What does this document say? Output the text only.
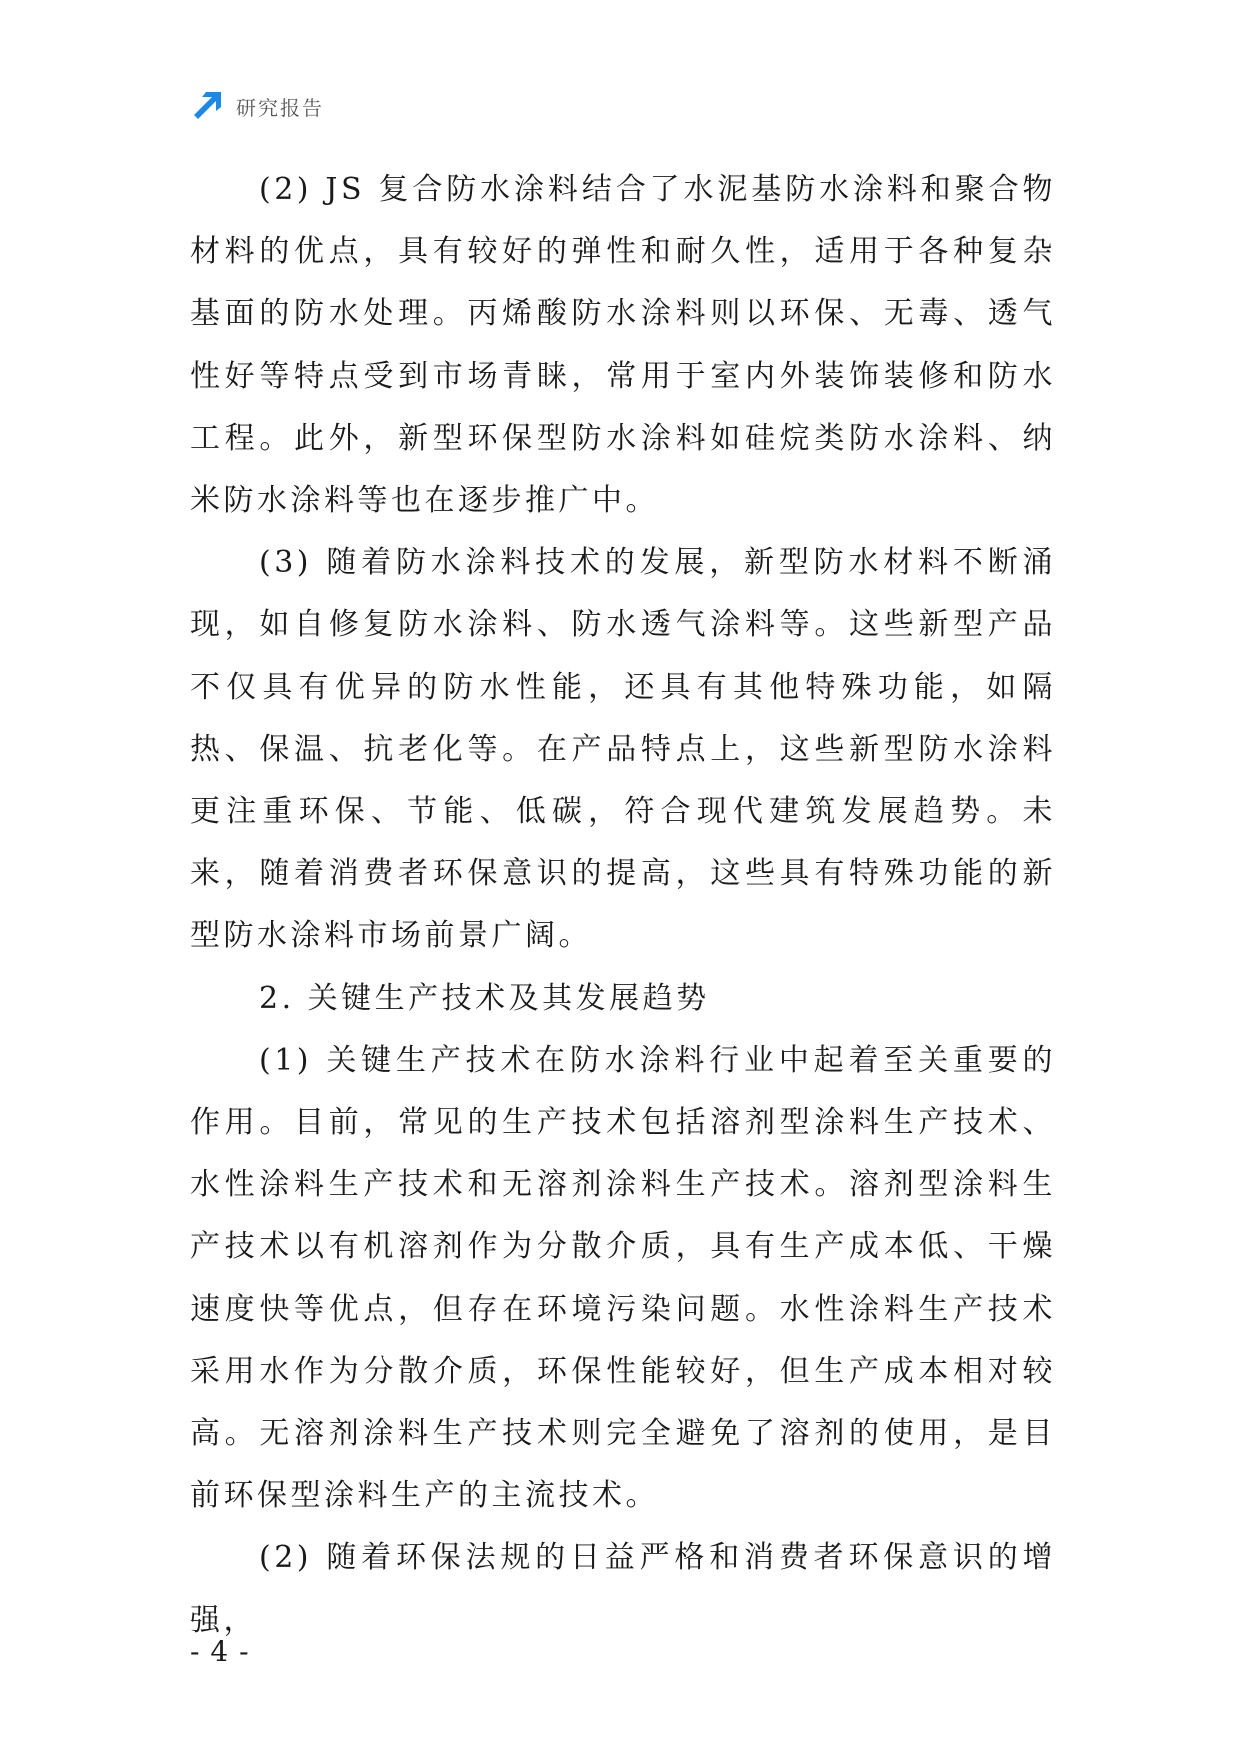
研究报告

(2) JS 复合防水涂料结合了水泥基防水涂料和聚合物材料的优点，具有较好的弹性和耐久性，适用于各种复杂基面的防水处理。丙烯酸防水涂料则以环保、无毒、透气性好等特点受到市场青睐，常用于室内外装饰装修和防水工程。此外，新型环保型防水涂料如硅烷类防水涂料、纳米防水涂料等也在逐步推广中。

(3) 随着防水涂料技术的发展，新型防水材料不断涌现，如自修复防水涂料、防水透气涂料等。这些新型产品不仅具有优异的防水性能，还具有其他特殊功能，如隔热、保温、抗老化等。在产品特点上，这些新型防水涂料更注重环保、节能、低碳，符合现代建筑发展趋势。未来，随着消费者环保意识的提高，这些具有特殊功能的新型防水涂料市场前景广阔。

2. 关键生产技术及其发展趋势

(1) 关键生产技术在防水涂料行业中起着至关重要的作用。目前，常见的生产技术包括溶剂型涂料生产技术、水性涂料生产技术和无溶剂涂料生产技术。溶剂型涂料生产技术以有机溶剂作为分散介质，具有生产成本低、干燥速度快等优点，但存在环境污染问题。水性涂料生产技术采用水作为分散介质，环保性能较好，但生产成本相对较高。无溶剂涂料生产技术则完全避免了溶剂的使用，是目前环保型涂料生产的主流技术。

(2) 随着环保法规的日益严格和消费者环保意识的增强，

- 4 -
